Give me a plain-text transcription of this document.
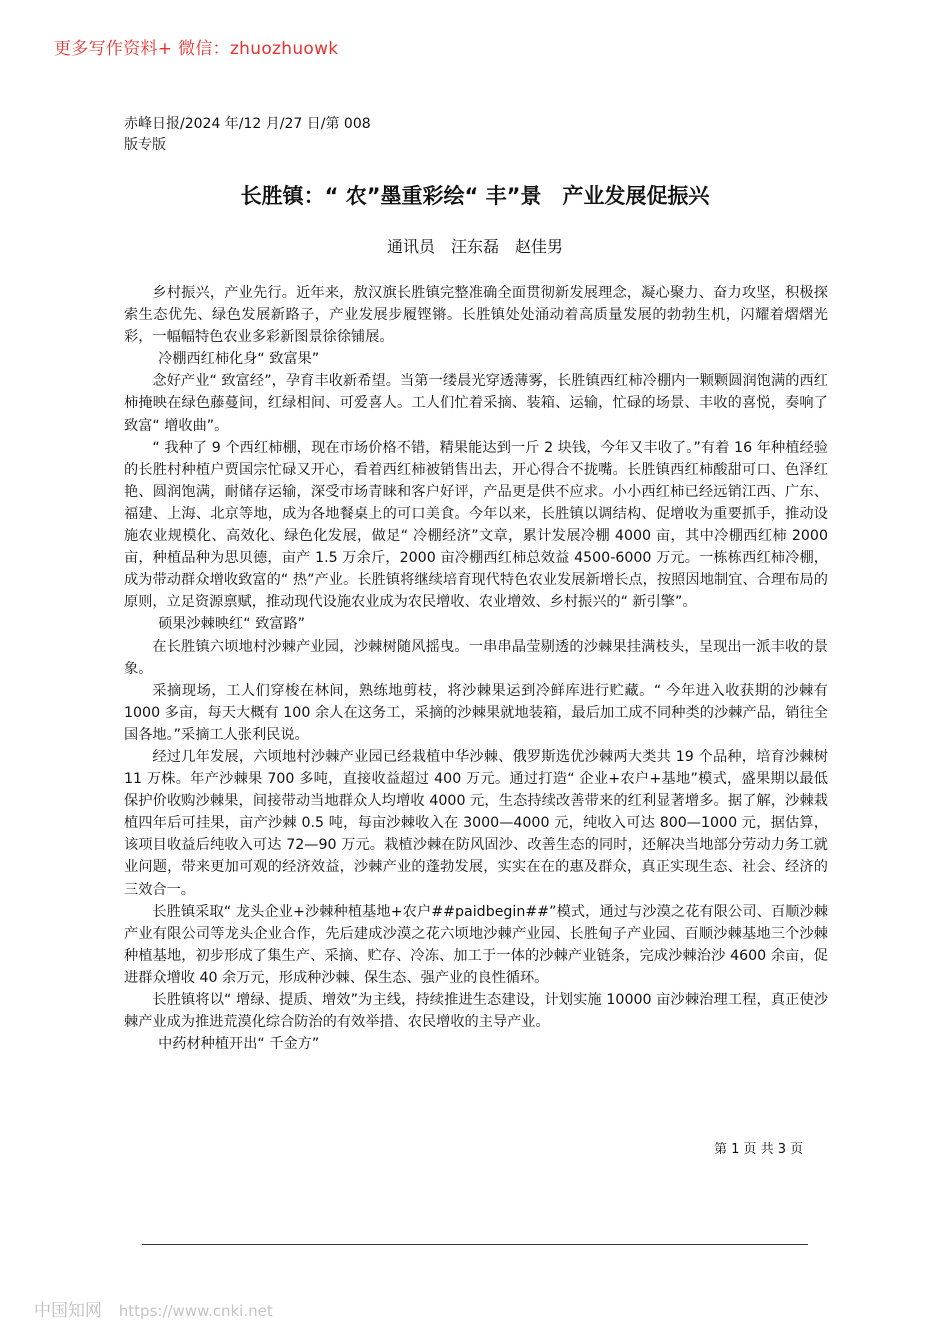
更多写作资料+ 微信：zhuozhuowk
赤峰日报/2024 年/12 月/27 日/第 008
版专版
长胜镇：“ 农”墨重彩绘“ 丰”景　产业发展促振兴
通讯员　汪东磊　赵佳男

乡村振兴，产业先行。近年来，敖汉旗长胜镇完整准确全面贯彻新发展理念，凝心聚力、奋力攻坚，积极探索生态优先、绿色发展新路子，产业发展步履铿锵。长胜镇处处涌动着高质量发展的勃勃生机，闪耀着熠熠光彩，一幅幅特色农业多彩新图景徐徐铺展。

冷棚西红柿化身“ 致富果”

念好产业“ 致富经”，孕育丰收新希望。当第一缕晨光穿透薄雾，长胜镇西红柿冷棚内一颗颗圆润饱满的西红柿掩映在绿色藤蔓间，红绿相间、可爱喜人。工人们忙着采摘、装箱、运输，忙碌的场景、丰收的喜悦，奏响了致富“ 增收曲”。

“ 我种了 9 个西红柿棚，现在市场价格不错，精果能达到一斤 2 块钱，今年又丰收了。”有着 16 年种植经验的长胜村种植户贾国宗忙碌又开心，看着西红柿被销售出去，开心得合不拢嘴。长胜镇西红柿酸甜可口、色泽红艳、圆润饱满，耐储存运输，深受市场青睐和客户好评，产品更是供不应求。小小西红柿已经远销江西、广东、福建、上海、北京等地，成为各地餐桌上的可口美食。今年以来，长胜镇以调结构、促增收为重要抓手，推动设施农业规模化、高效化、绿色化发展，做足“ 冷棚经济”文章，累计发展冷棚 4000 亩，其中冷棚西红柿 2000 亩，种植品种为思贝德，亩产 1.5 万余斤，2000 亩冷棚西红柿总效益 4500-6000 万元。一栋栋西红柿冷棚，成为带动群众增收致富的“ 热”产业。长胜镇将继续培育现代特色农业发展新增长点，按照因地制宜、合理布局的原则，立足资源禀赋，推动现代设施农业成为农民增收、农业增效、乡村振兴的“ 新引擎”。

硕果沙棘映红“ 致富路”

在长胜镇六顷地村沙棘产业园，沙棘树随风摇曳。一串串晶莹剔透的沙棘果挂满枝头，呈现出一派丰收的景象。

采摘现场，工人们穿梭在林间，熟练地剪枝，将沙棘果运到冷鲜库进行贮藏。“ 今年进入收获期的沙棘有 1000 多亩，每天大概有 100 余人在这务工，采摘的沙棘果就地装箱，最后加工成不同种类的沙棘产品，销往全国各地。”采摘工人张利民说。

经过几年发展，六顷地村沙棘产业园已经栽植中华沙棘、俄罗斯选优沙棘两大类共 19 个品种，培育沙棘树 11 万株。年产沙棘果 700 多吨，直接收益超过 400 万元。通过打造“ 企业+农户+基地”模式，盛果期以最低保护价收购沙棘果，间接带动当地群众人均增收 4000 元，生态持续改善带来的红利显著增多。据了解，沙棘栽植四年后可挂果，亩产沙棘 0.5 吨，每亩沙棘收入在 3000—4000 元，纯收入可达 800—1000 元，据估算，该项目收益后纯收入可达 72—90 万元。栽植沙棘在防风固沙、改善生态的同时，还解决当地部分劳动力务工就业问题，带来更加可观的经济效益，沙棘产业的蓬勃发展，实实在在的惠及群众，真正实现生态、社会、经济的三效合一。

长胜镇采取“ 龙头企业+沙棘种植基地+农户##paidbegin##”模式，通过与沙漠之花有限公司、百顺沙棘产业有限公司等龙头企业合作，先后建成沙漠之花六顷地沙棘产业园、长胜甸子产业园、百顺沙棘基地三个沙棘种植基地，初步形成了集生产、采摘、贮存、冷冻、加工于一体的沙棘产业链条，完成沙棘治沙 4600 余亩，促进群众增收 40 余万元，形成种沙棘、保生态、强产业的良性循环。

长胜镇将以“ 增绿、提质、增效”为主线，持续推进生态建设，计划实施 10000 亩沙棘治理工程，真正使沙棘产业成为推进荒漠化综合防治的有效举措、农民增收的主导产业。

中药材种植开出“ 千金方”

第 1 页 共 3 页
中国知网 https://www.cnki.net
